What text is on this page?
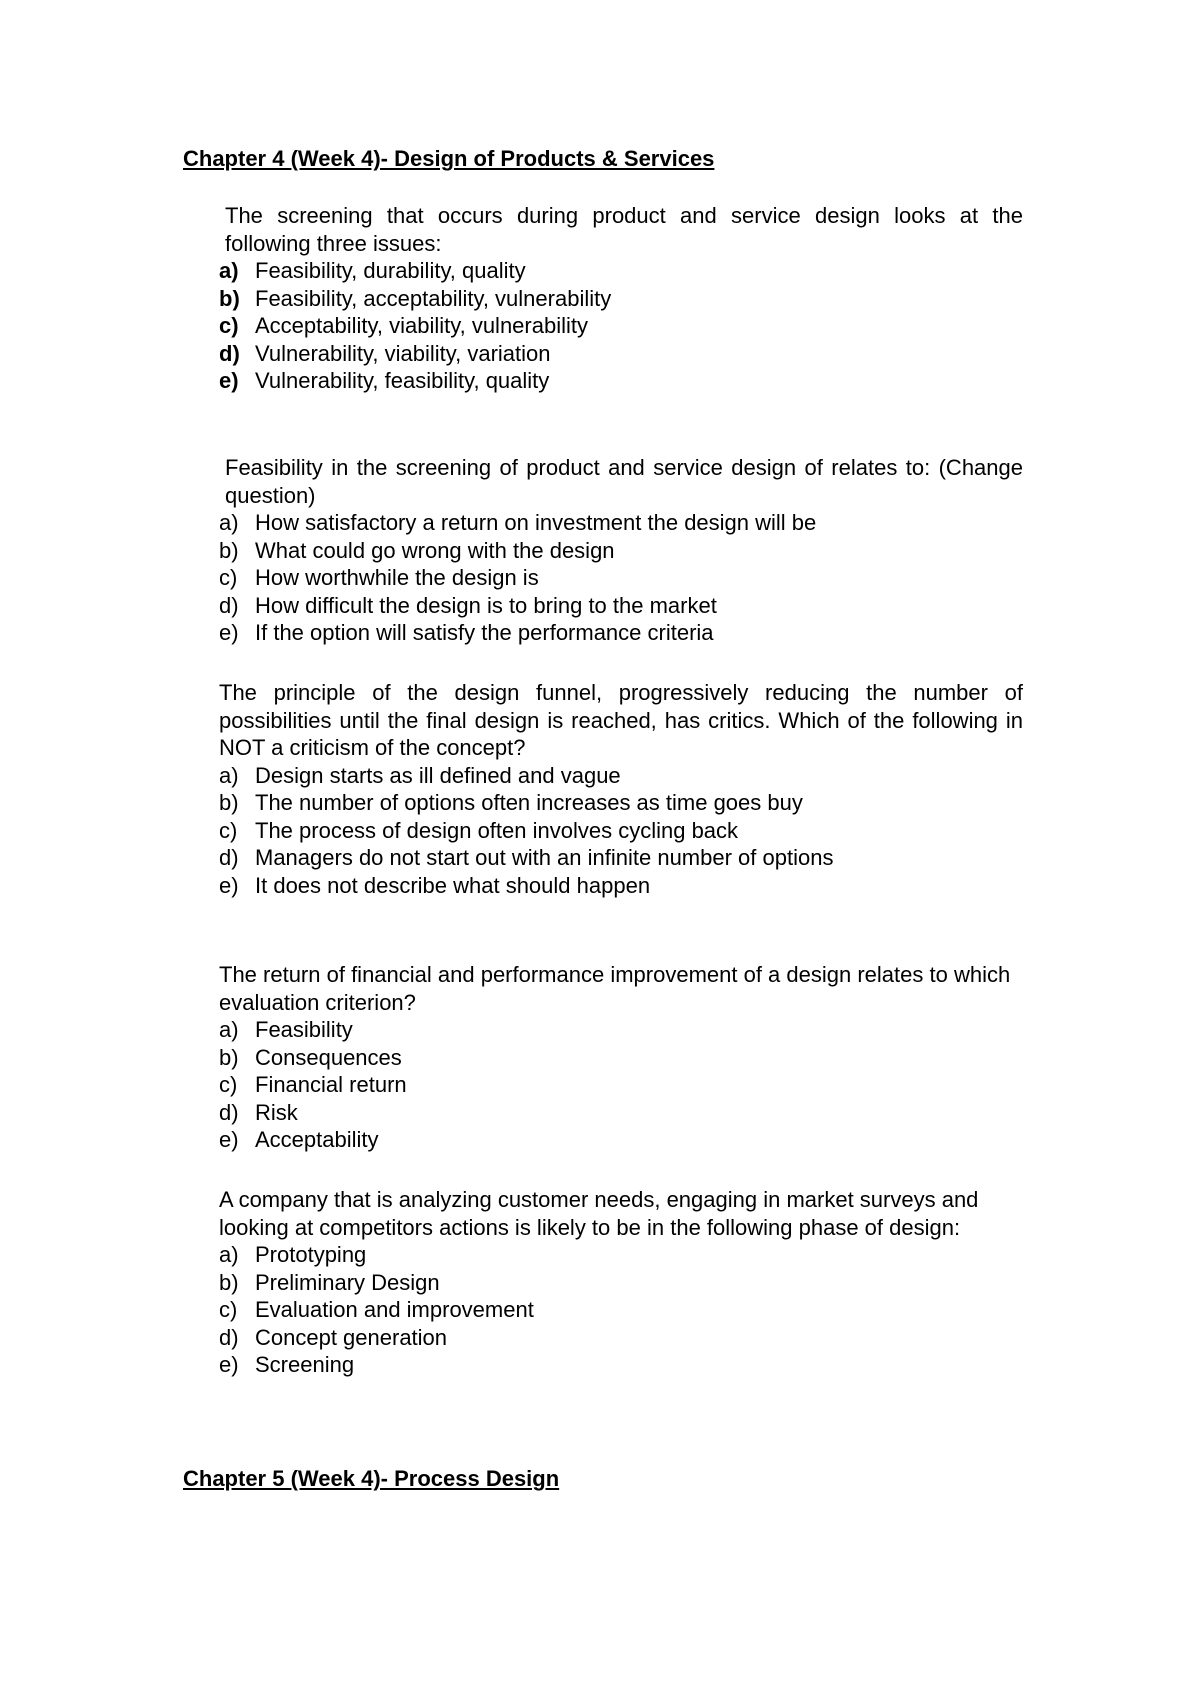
Chapter 4 (Week 4)- Design of Products & Services

The screening that occurs during product and service design looks at the following three issues:

a) Feasibility, durability, quality
b) Feasibility, acceptability, vulnerability
c) Acceptability, viability, vulnerability
d) Vulnerability, viability, variation
e) Vulnerability, feasibility, quality

Feasibility in the screening of product and service design of relates to: (Change question)

a) How satisfactory a return on investment the design will be
b) What could go wrong with the design
c) How worthwhile the design is
d) How difficult the design is to bring to the market
e) If the option will satisfy the performance criteria

The principle of the design funnel, progressively reducing the number of possibilities until the final design is reached, has critics. Which of the following in NOT a criticism of the concept?

a) Design starts as ill defined and vague
b) The number of options often increases as time goes buy
c) The process of design often involves cycling back
d) Managers do not start out with an infinite number of options
e) It does not describe what should happen

The return of financial and performance improvement of a design relates to which evaluation criterion?

a) Feasibility
b) Consequences
c) Financial return
d) Risk
e) Acceptability

A company that is analyzing customer needs, engaging in market surveys and looking at competitors actions is likely to be in the following phase of design:

a) Prototyping
b) Preliminary Design
c) Evaluation and improvement
d) Concept generation
e) Screening
Chapter 5 (Week 4)- Process Design
